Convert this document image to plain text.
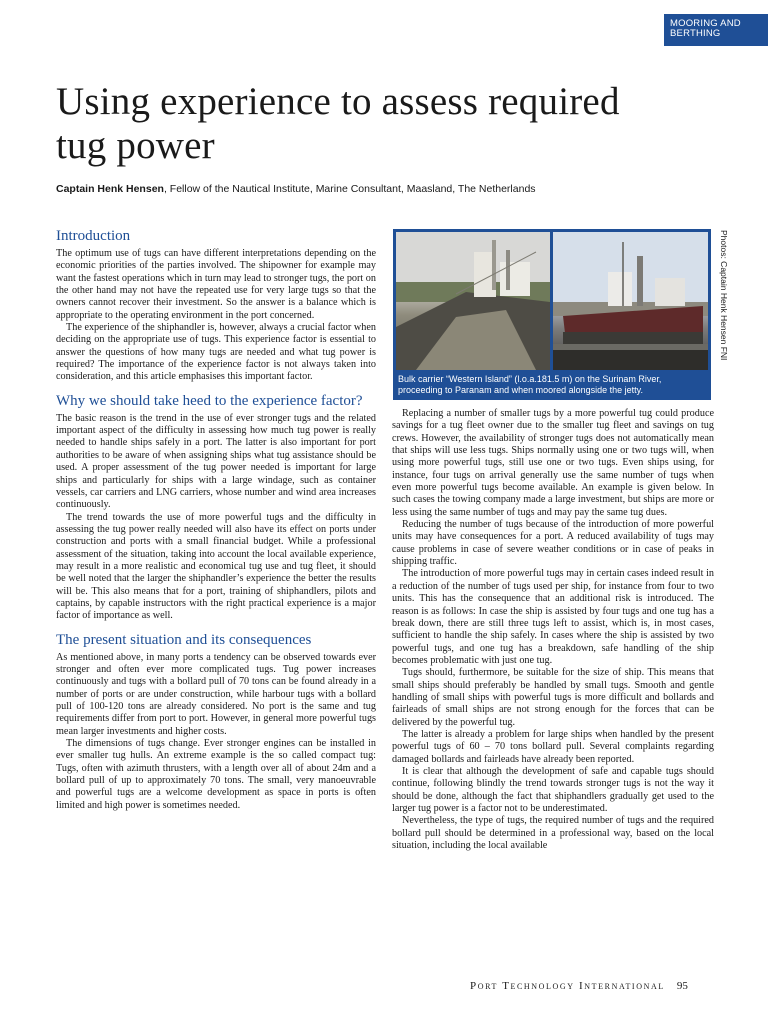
MOORING AND
BERTHING
Using experience to assess required
tug power
Captain Henk Hensen, Fellow of the Nautical Institute, Marine Consultant, Maasland, The Netherlands
Introduction

The optimum use of tugs can have different interpretations depending on the economic priorities of the parties involved. The shipowner for example may want the fastest operations which in turn may lead to stronger tugs, the port on the other hand may not have the repeated use for very large tugs so that the owners cannot recover their investment. So the answer is a balance which is appropriate to the operating environment in the port concerned.

The experience of the shiphandler is, however, always a crucial factor when deciding on the appropriate use of tugs. This experience factor is essential to answer the questions of how many tugs are needed and what tug power is required? The importance of the experience factor is not always taken into consideration, and this article emphasises this important factor.

Why we should take heed to the experience factor?

The basic reason is the trend in the use of ever stronger tugs and the related important aspect of the difficulty in assessing how much tug power is really needed to handle ships safely in a port. The latter is also important for port authorities to be aware of when assigning ships what tug assistance should be used. A proper assessment of the tug power needed is important for large ships and particularly for ships with a large windage, such as container vessels, car carriers and LNG carriers, whose number and wind area increases continuously.

The trend towards the use of more powerful tugs and the difficulty in assessing the tug power really needed will also have its effect on ports under construction and ports with a small financial budget. While a professional assessment of the situation, taking into account the local available experience, may result in a more realistic and economical tug use and tug fleet, it should be well noted that the larger the shiphandler’s experience the better the results will be. This also means that for a port, training of shiphandlers, pilots and captains, by capable instructors with the right practical experience is a major factor of importance as well.

The present situation and its consequences

As mentioned above, in many ports a tendency can be observed towards ever stronger and often ever more complicated tugs. Tug power increases continuously and tugs with a bollard pull of 70 tons can be found already in a number of ports or are under construction, while harbour tugs with a bollard pull of 100-120 tons are already considered. No port is the same and tug requirements differ from port to port. However, in general more powerful tugs mean larger investments and higher costs.

The dimensions of tugs change. Ever stronger engines can be installed in ever smaller tug hulls. An extreme example is the so called compact tug: Tugs, often with azimuth thrusters, with a length over all of about 24m and a bollard pull of up to approximately 70 tons. The small, very manoeuvrable and powerful tugs are a welcome development as space in ports is often limited and high power is sometimes needed.

Bulk carrier “Western Island” (l.o.a.181.5 m) on the Surinam River, proceeding to Paranam and when moored alongside the jetty.
Photos: Captain Henk Hensen FNI

Replacing a number of smaller tugs by a more powerful tug could produce savings for a tug fleet owner due to the smaller tug fleet and savings on tug crews. However, the availability of stronger tugs does not automatically mean that ships will use less tugs. Ships normally using one or two tugs will, when using more powerful tugs, still use one or two tugs. Even ships using, for instance, four tugs on arrival generally use the same number of tugs when even more powerful tugs become available. An example is given below. In such cases the towing company made a large investment, but ships are more or less using the same number of tugs and may pay the same tug dues.

Reducing the number of tugs because of the introduction of more powerful units may have consequences for a port. A reduced availability of tugs may cause problems in case of severe weather conditions or in case of peaks in shipping traffic.

The introduction of more powerful tugs may in certain cases indeed result in a reduction of the number of tugs used per ship, for instance from four to two units. This has the consequence that an additional risk is introduced. The reason is as follows: In case the ship is assisted by four tugs and one tug has a break down, there are still three tugs left to assist, which is, in most cases, sufficient to handle the ship safely. In cases where the ship is assisted by two powerful tugs, and one tug has a breakdown, safe handling of the ship becomes problematic with just one tug.

Tugs should, furthermore, be suitable for the size of ship. This means that small ships should preferably be handled by small tugs. Smooth and gentle handling of small ships with powerful tugs is more difficult and bollards and fairleads of small ships are not strong enough for the forces that can be delivered by the powerful tug.

The latter is already a problem for large ships when handled by the present powerful tugs of 60 – 70 tons bollard pull. Several complaints regarding damaged bollards and fairleads have already been reported.

It is clear that although the development of safe and capable tugs should continue, following blindly the trend towards stronger tugs is not the way it should be done, although the fact that shiphandlers gradually get used to the larger tug power is a factor not to be underestimated.

Nevertheless, the type of tugs, the required number of tugs and the required bollard pull should be determined in a professional way, based on the local situation, including the local available

Port Technology International 95
